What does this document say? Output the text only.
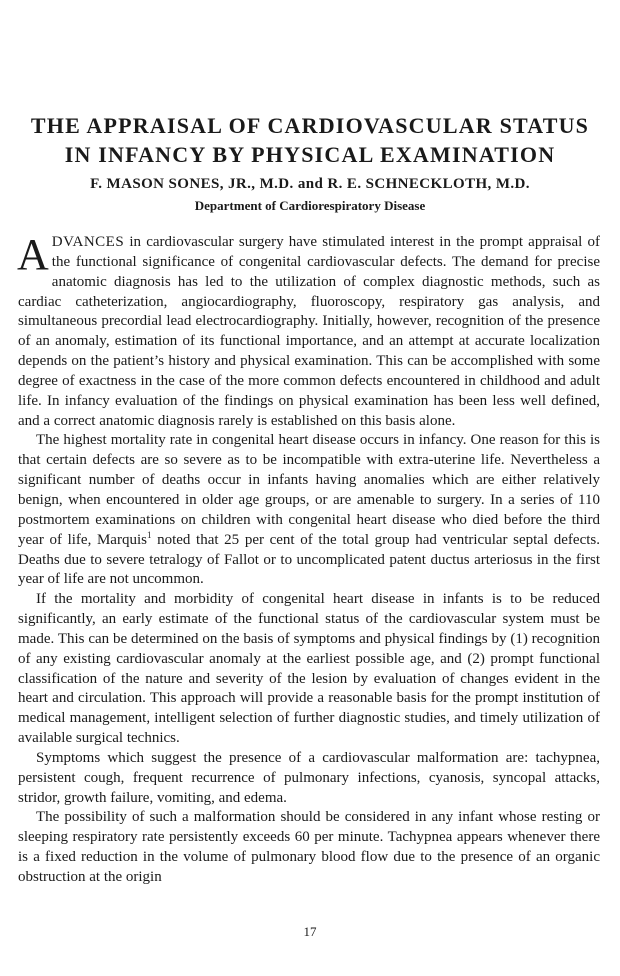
THE APPRAISAL OF CARDIOVASCULAR STATUS
IN INFANCY BY PHYSICAL EXAMINATION

F. MASON SONES, JR., M.D. and R. E. SCHNECKLOTH, M.D.

Department of Cardiorespiratory Disease

ADVANCES in cardiovascular surgery have stimulated interest in the prompt appraisal of the functional significance of congenital cardiovascular defects. The demand for precise anatomic diagnosis has led to the utilization of complex diagnostic methods, such as cardiac catheterization, angiocardiography, fluoroscopy, respiratory gas analysis, and simultaneous precordial lead electrocardiography. Initially, however, recognition of the presence of an anomaly, estimation of its functional importance, and an attempt at accurate localization depends on the patient’s history and physical examination. This can be accomplished with some degree of exactness in the case of the more common defects encountered in childhood and adult life. In infancy evaluation of the findings on physical examination has been less well defined, and a correct anatomic diagnosis rarely is established on this basis alone.

The highest mortality rate in congenital heart disease occurs in infancy. One reason for this is that certain defects are so severe as to be incompatible with extra-uterine life. Nevertheless a significant number of deaths occur in infants having anomalies which are either relatively benign, when encountered in older age groups, or are amenable to surgery. In a series of 110 postmortem examinations on children with congenital heart disease who died before the third year of life, Marquis$^1$ noted that 25 per cent of the total group had ventricular septal defects. Deaths due to severe tetralogy of Fallot or to uncomplicated patent ductus arteriosus in the first year of life are not uncommon.

If the mortality and morbidity of congenital heart disease in infants is to be reduced significantly, an early estimate of the functional status of the cardiovascular system must be made. This can be determined on the basis of symptoms and physical findings by (1) recognition of any existing cardiovascular anomaly at the earliest possible age, and (2) prompt functional classification of the nature and severity of the lesion by evaluation of changes evident in the heart and circulation. This approach will provide a reasonable basis for the prompt institution of medical management, intelligent selection of further diagnostic studies, and timely utilization of available surgical technics.

Symptoms which suggest the presence of a cardiovascular malformation are: tachypnea, persistent cough, frequent recurrence of pulmonary infections, cyanosis, syncopal attacks, stridor, growth failure, vomiting, and edema.

The possibility of such a malformation should be considered in any infant whose resting or sleeping respiratory rate persistently exceeds 60 per minute. Tachypnea appears whenever there is a fixed reduction in the volume of pulmonary blood flow due to the presence of an organic obstruction at the origin

17
